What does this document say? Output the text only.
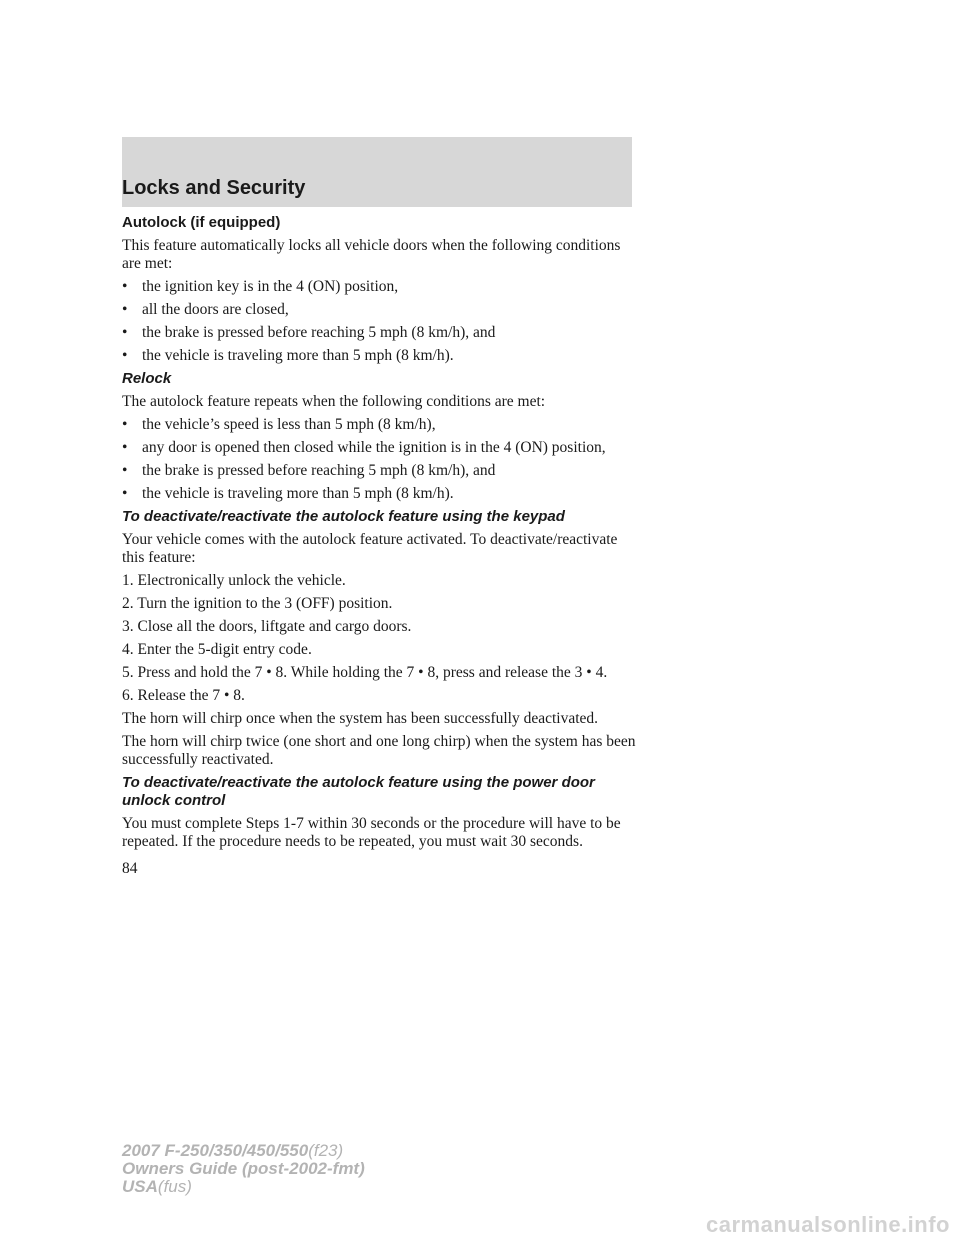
Locks and Security
Autolock (if equipped)

This feature automatically locks all vehicle doors when the following conditions are met:

• the ignition key is in the 4 (ON) position,
• all the doors are closed,
• the brake is pressed before reaching 5 mph (8 km/h), and
• the vehicle is traveling more than 5 mph (8 km/h).
Relock

The autolock feature repeats when the following conditions are met:

• the vehicle’s speed is less than 5 mph (8 km/h),
• any door is opened then closed while the ignition is in the 4 (ON) position,
• the brake is pressed before reaching 5 mph (8 km/h), and
• the vehicle is traveling more than 5 mph (8 km/h).
To deactivate/reactivate the autolock feature using the keypad

Your vehicle comes with the autolock feature activated. To deactivate/reactivate this feature:

1. Electronically unlock the vehicle.

2. Turn the ignition to the 3 (OFF) position.

3. Close all the doors, liftgate and cargo doors.

4. Enter the 5-digit entry code.

5. Press and hold the 7 • 8. While holding the 7 • 8, press and release the 3 • 4.

6. Release the 7 • 8.

The horn will chirp once when the system has been successfully deactivated.

The horn will chirp twice (one short and one long chirp) when the system has been successfully reactivated.

To deactivate/reactivate the autolock feature using the power door unlock control

You must complete Steps 1-7 within 30 seconds or the procedure will have to be repeated. If the procedure needs to be repeated, you must wait 30 seconds.

84
2007 F-250/350/450/550(f23)
Owners Guide (post-2002-fmt)
USA(fus)
carmanualsonline.info
